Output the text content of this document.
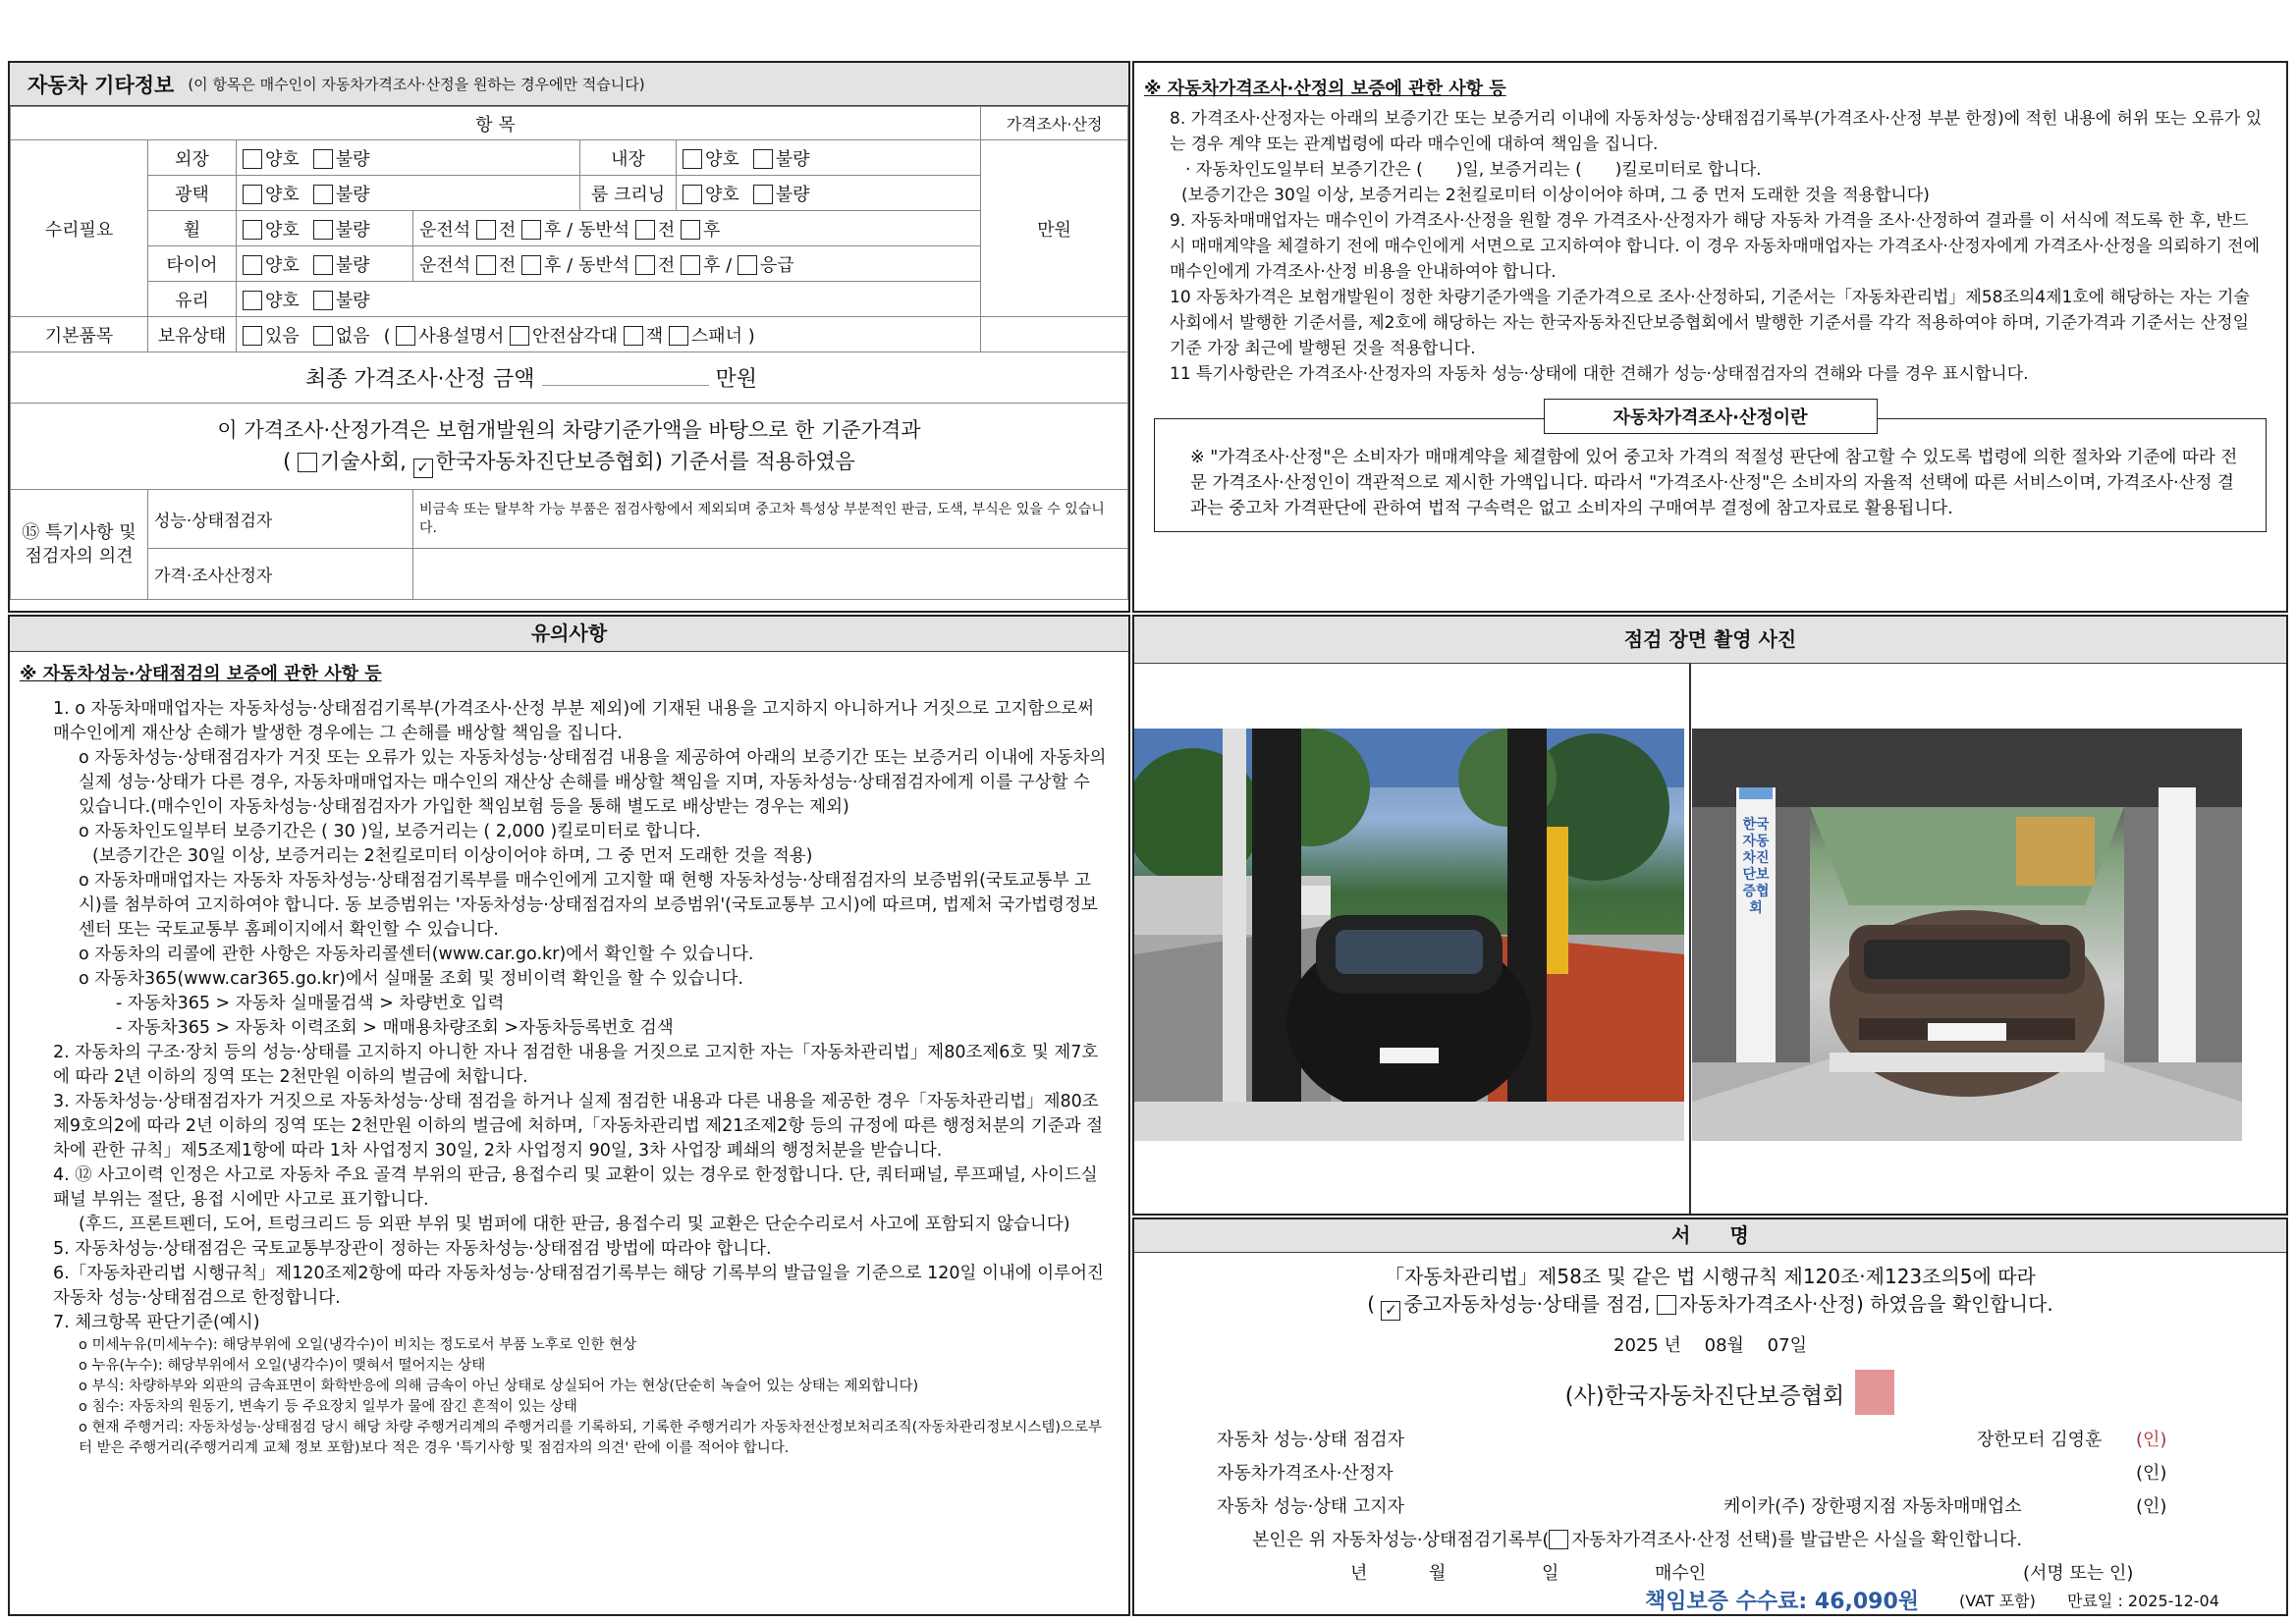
자동차 기타정보 (이 항목은 매수인이 자동차가격조사·산정을 원하는 경우에만 적습니다)
항 목						가격조사·산정
수리필요	외장	양호 불량		내장	양호 불량	만원
	광택	양호 불량		룸 크리닝	양호 불량	
	휠	양호 불량	운전석 전 후 / 동반석 전 후			
	타이어	양호 불량	운전석 전 후 / 동반석 전 후 / 응급			
	유리	양호 불량				
기본품목	보유상태	있음 없음 ( 사용설명서 안전삼각대 잭 스패너 )				
최종 가격조사·산정 금액 만원						

이 가격조사·산정가격은 보험개발원의 차량기준가액을 바탕으로 한 기준가격과
( 기술사회, ✓ 한국자동차진단보증협회) 기준서를 적용하였음						

⑮ 특기사항 및 점검자의 의견	성능·상태점검자		비금속 또는 탈부착 가능 부품은 점검사항에서 제외되며 중고차 특성상 부분적인 판금, 도색, 부식은 있을 수 있습니다.			
	가격·조사산정자					
※ 자동차가격조사·산정의 보증에 관한 사항 등
8. 가격조사·산정자는 아래의 보증기간 또는 보증거리 이내에 자동차성능·상태점검기록부(가격조사·산정 부분 한정)에 적힌 내용에 허위 또는 오류가 있는 경우 계약 또는 관계법령에 따라 매수인에 대하여 책임을 집니다.
· 자동차인도일부터 보증기간은 (　　)일, 보증거리는 (　　)킬로미터로 합니다.
(보증기간은 30일 이상, 보증거리는 2천킬로미터 이상이어야 하며, 그 중 먼저 도래한 것을 적용합니다)
9. 자동차매매업자는 매수인이 가격조사·산정을 원할 경우 가격조사·산정자가 해당 자동차 가격을 조사·산정하여 결과를 이 서식에 적도록 한 후, 반드시 매매계약을 체결하기 전에 매수인에게 서면으로 고지하여야 합니다. 이 경우 자동차매매업자는 가격조사·산정자에게 가격조사·산정을 의뢰하기 전에 매수인에게 가격조사·산정 비용을 안내하여야 합니다.
10 자동차가격은 보험개발원이 정한 차량기준가액을 기준가격으로 조사·산정하되, 기준서는「자동차관리법」제58조의4제1호에 해당하는 자는 기술사회에서 발행한 기준서를, 제2호에 해당하는 자는 한국자동차진단보증협회에서 발행한 기준서를 각각 적용하여야 하며, 기준가격과 기준서는 산정일 기준 가장 최근에 발행된 것을 적용합니다.
11 특기사항란은 가격조사·산정자의 자동차 성능·상태에 대한 견해가 성능·상태점검자의 견해와 다를 경우 표시합니다.
자동차가격조사·산정이란
※ "가격조사·산정"은 소비자가 매매계약을 체결함에 있어 중고차 가격의 적절성 판단에 참고할 수 있도록 법령에 의한 절차와 기준에 따라 전문 가격조사·산정인이 객관적으로 제시한 가액입니다. 따라서 "가격조사·산정"은 소비자의 자율적 선택에 따른 서비스이며, 가격조사·산정 결과는 중고차 가격판단에 관하여 법적 구속력은 없고 소비자의 구매여부 결정에 참고자료로 활용됩니다.
유의사항
※ 자동차성능·상태점검의 보증에 관한 사항 등
1. o 자동차매매업자는 자동차성능·상태점검기록부(가격조사·산정 부분 제외)에 기재된 내용을 고지하지 아니하거나 거짓으로 고지함으로써 매수인에게 재산상 손해가 발생한 경우에는 그 손해를 배상할 책임을 집니다.
o 자동차성능·상태점검자가 거짓 또는 오류가 있는 자동차성능·상태점검 내용을 제공하여 아래의 보증기간 또는 보증거리 이내에 자동차의 실제 성능·상태가 다른 경우, 자동차매매업자는 매수인의 재산상 손해를 배상할 책임을 지며, 자동차성능·상태점검자에게 이를 구상할 수 있습니다.(매수인이 자동차성능·상태점검자가 가입한 책임보험 등을 통해 별도로 배상받는 경우는 제외)
o 자동차인도일부터 보증기간은 ( 30 )일, 보증거리는 ( 2,000 )킬로미터로 합니다.
(보증기간은 30일 이상, 보증거리는 2천킬로미터 이상이어야 하며, 그 중 먼저 도래한 것을 적용)
o 자동차매매업자는 자동차 자동차성능·상태점검기록부를 매수인에게 고지할 때 현행 자동차성능·상태점검자의 보증범위(국토교통부 고시)를 첨부하여 고지하여야 합니다. 동 보증범위는 '자동차성능·상태점검자의 보증범위'(국토교통부 고시)에 따르며, 법제처 국가법령정보센터 또는 국토교통부 홈페이지에서 확인할 수 있습니다.
o 자동차의 리콜에 관한 사항은 자동차리콜센터(www.car.go.kr)에서 확인할 수 있습니다.
o 자동차365(www.car365.go.kr)에서 실매물 조회 및 정비이력 확인을 할 수 있습니다.
- 자동차365 > 자동차 실매물검색 > 차량번호 입력
- 자동차365 > 자동차 이력조회 > 매매용차량조회 >자동차등록번호 검색
2. 자동차의 구조·장치 등의 성능·상태를 고지하지 아니한 자나 점검한 내용을 거짓으로 고지한 자는「자동차관리법」제80조제6호 및 제7호에 따라 2년 이하의 징역 또는 2천만원 이하의 벌금에 처합니다.
3. 자동차성능·상태점검자가 거짓으로 자동차성능·상태 점검을 하거나 실제 점검한 내용과 다른 내용을 제공한 경우「자동차관리법」제80조제9호의2에 따라 2년 이하의 징역 또는 2천만원 이하의 벌금에 처하며,「자동차관리법 제21조제2항 등의 규정에 따른 행정처분의 기준과 절차에 관한 규칙」제5조제1항에 따라 1차 사업정지 30일, 2차 사업정지 90일, 3차 사업장 폐쇄의 행정처분을 받습니다.
4. ⑫ 사고이력 인정은 사고로 자동차 주요 골격 부위의 판금, 용접수리 및 교환이 있는 경우로 한정합니다. 단, 쿼터패널, 루프패널, 사이드실패널 부위는 절단, 용접 시에만 사고로 표기합니다.
(후드, 프론트펜더, 도어, 트렁크리드 등 외판 부위 및 범퍼에 대한 판금, 용접수리 및 교환은 단순수리로서 사고에 포함되지 않습니다)
5. 자동차성능·상태점검은 국토교통부장관이 정하는 자동차성능·상태점검 방법에 따라야 합니다.
6.「자동차관리법 시행규칙」제120조제2항에 따라 자동차성능·상태점검기록부는 해당 기록부의 발급일을 기준으로 120일 이내에 이루어진 자동차 성능·상태점검으로 한정합니다.
7. 체크항목 판단기준(예시)
o 미세누유(미세누수): 해당부위에 오일(냉각수)이 비치는 정도로서 부품 노후로 인한 현상
o 누유(누수): 해당부위에서 오일(냉각수)이 맺혀서 떨어지는 상태
o 부식: 차량하부와 외판의 금속표면이 화학반응에 의해 금속이 아닌 상태로 상실되어 가는 현상(단순히 녹슬어 있는 상태는 제외합니다)
o 침수: 자동차의 원동기, 변속기 등 주요장치 일부가 물에 잠긴 흔적이 있는 상태
o 현재 주행거리: 자동차성능·상태점검 당시 해당 차량 주행거리계의 주행거리를 기록하되, 기록한 주행거리가 자동차전산정보처리조직(자동차관리정보시스템)으로부터 받은 주행거리(주행거리계 교체 정보 포함)보다 적은 경우 '특기사항 및 점검자의 의견' 란에 이를 적어야 합니다.
점검 장면 촬영 사진
한국자동차진단보증협회
서　　명
「자동차관리법」제58조 및 같은 법 시행규칙 제120조·제123조의5에 따라
( ✓ 중고자동차성능·상태를 점검, 자동차가격조사·산정) 하였음을 확인합니다.
2025 년　 08월　 07일
(사)한국자동차진단보증협회
자동차 성능·상태 점검자	장한모터 김영훈 (인)
자동차가격조사·산정자	(인)
자동차 성능·상태 고지자	케이카(주) 장한평지점 자동차매매업소	(인)
본인은 위 자동차성능·상태점검기록부( 자동차가격조사·산정 선택)를 발급받은 사실을 확인합니다.
년	월	일	매수인	(서명 또는 인)
책임보증 수수료: 46,090원	(VAT 포함) 만료일 : 2025-12-04
